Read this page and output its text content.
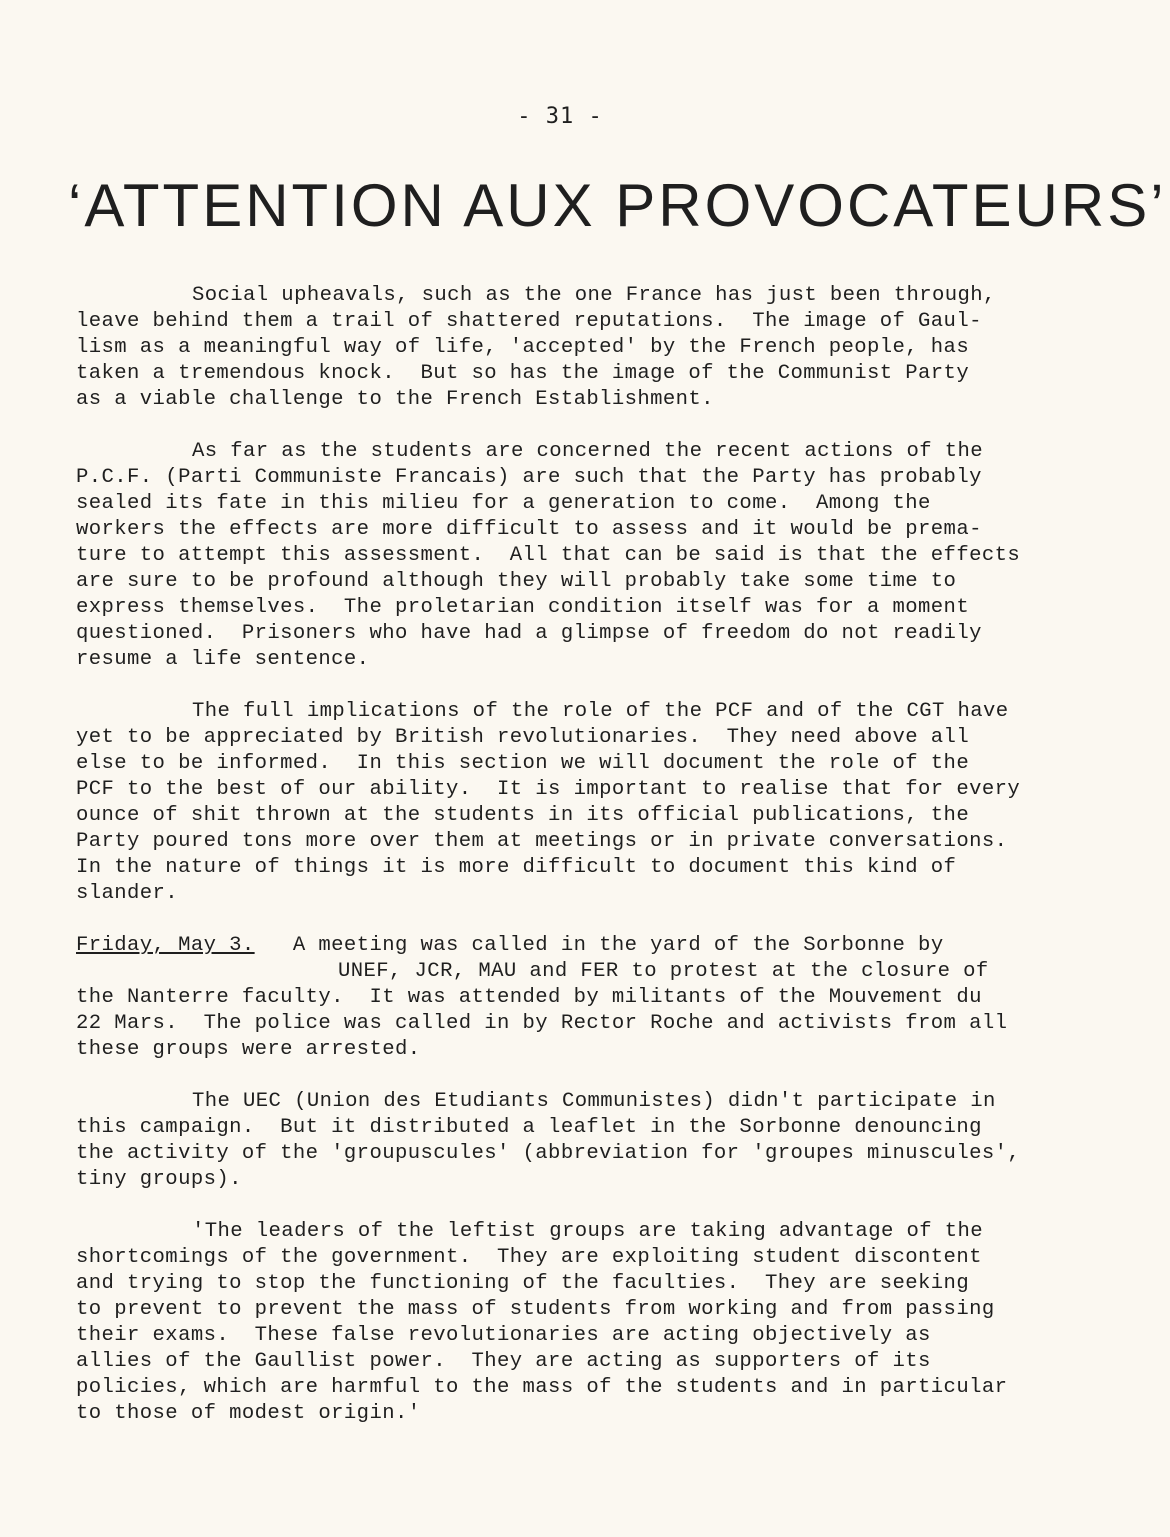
- 31 -
‘ATTENTION AUX PROVOCATEURS’
Social upheavals, such as the one France has just been through,
leave behind them a trail of shattered reputations.  The image of Gaul-
lism as a meaningful way of life, 'accepted' by the French people, has
taken a tremendous knock.  But so has the image of the Communist Party
as a viable challenge to the French Establishment.
As far as the students are concerned the recent actions of the
P.C.F. (Parti Communiste Francais) are such that the Party has probably
sealed its fate in this milieu for a generation to come.  Among the
workers the effects are more difficult to assess and it would be prema-
ture to attempt this assessment.  All that can be said is that the effects
are sure to be profound although they will probably take some time to
express themselves.  The proletarian condition itself was for a moment
questioned.  Prisoners who have had a glimpse of freedom do not readily
resume a life sentence.
The full implications of the role of the PCF and of the CGT have
yet to be appreciated by British revolutionaries.  They need above all
else to be informed.  In this section we will document the role of the
PCF to the best of our ability.  It is important to realise that for every
ounce of shit thrown at the students in its official publications, the
Party poured tons more over them at meetings or in private conversations.
In the nature of things it is more difficult to document this kind of
slander.
Friday, May 3.   A meeting was called in the yard of the Sorbonne by
UNEF, JCR, MAU and FER to protest at the closure of
the Nanterre faculty.  It was attended by militants of the Mouvement du
22 Mars.  The police was called in by Rector Roche and activists from all
these groups were arrested.
The UEC (Union des Etudiants Communistes) didn't participate in
this campaign.  But it distributed a leaflet in the Sorbonne denouncing
the activity of the 'groupuscules' (abbreviation for 'groupes minuscules',
tiny groups).
'The leaders of the leftist groups are taking advantage of the
shortcomings of the government.  They are exploiting student discontent
and trying to stop the functioning of the faculties.  They are seeking
to prevent to prevent the mass of students from working and from passing
their exams.  These false revolutionaries are acting objectively as
allies of the Gaullist power.  They are acting as supporters of its
policies, which are harmful to the mass of the students and in particular
to those of modest origin.'
